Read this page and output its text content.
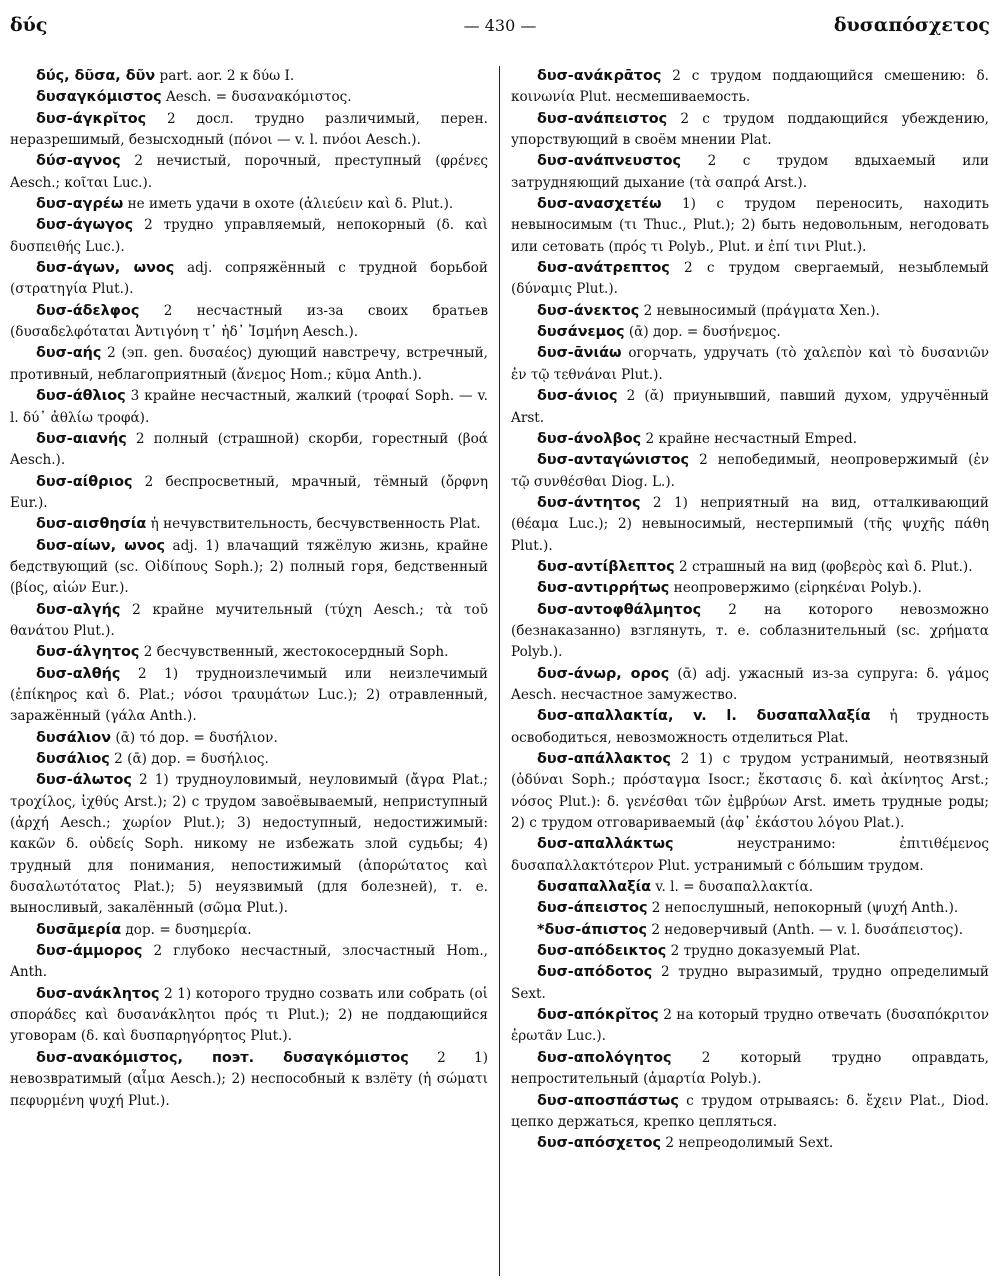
δύς	— 430 —	δυσαπόσχετος

δύς, δῦσα, δῦν part. aor. 2 к δύω I.

δυσαγκόμιστος Aesch. = δυσανακόμιστος.

δυσ-άγκρῐτος 2 досл. трудно различимый, перен. неразрешимый, безысходный (πόνοι — v. l. πνόοι Aesch.).

δύσ-αγνος 2 нечистый, порочный, преступный (φρένες Aesch.; κοῖται Luc.).

δυσ-αγρέω не иметь удачи в охоте (ἁλιεύειν καὶ δ. Plut.).

δυσ-άγωγος 2 трудно управляемый, непокорный (δ. καὶ δυσπειθής Luc.).

δυσ-άγων, ωνος adj. сопряжённый с трудной борьбой (στρατηγία Plut.).

δυσ-άδελφος 2 несчастный из-за своих братьев (δυσαδελφόταται Ἀντιγόνη τ᾽ ἠδ᾽ Ἰσμήνη Aesch.).

δυσ-αής 2 (эп. gen. δυσαέος) дующий навстречу, встречный, противный, неблагоприятный (ἄνεμος Hom.; κῦμα Anth.).

δυσ-άθλιος 3 крайне несчастный, жалкий (τροφαί Soph. — v. l. δύ᾽ ἀθλίω τροφά).

δυσ-αιανής 2 полный (страшной) скорби, горестный (βοά Aesch.).

δυσ-αίθριος 2 беспросветный, мрачный, тёмный (ὄρφνη Eur.).

δυσ-αισθησία ἡ нечувствительность, бесчувственность Plat.

δυσ-αίων, ωνος adj. 1) влачащий тяжёлую жизнь, крайне бедствующий (sc. Οἰδίπους Soph.); 2) полный горя, бедственный (βίος, αἰών Eur.).

δυσ-αλγής 2 крайне мучительный (τύχη Aesch.; τὰ τοῦ θανάτου Plut.).

δυσ-άλγητος 2 бесчувственный, жестокосердный Soph.

δυσ-αλθής 2 1) трудноизлечимый или неизлечимый (ἐπίκηρος καὶ δ. Plat.; νόσοι τραυμάτων Luc.); 2) отравленный, заражённый (γάλα Anth.).

δυσάλιον (ᾱ) τό дор. = δυσήλιον.

δυσάλιος 2 (ᾱ) дор. = δυσήλιος.

δυσ-άλωτος 2 1) трудноуловимый, неуловимый (ἄγρα Plat.; τροχίλος, ἰχθύς Arst.); 2) с трудом завоёвываемый, неприступный (ἀρχή Aesch.; χωρίον Plut.); 3) недоступный, недостижимый: κακῶν δ. οὐδείς Soph. никому не избежать злой судьбы; 4) трудный для понимания, непостижимый (ἀπορώτατος καὶ δυσαλωτότατος Plat.); 5) неуязвимый (для болезней), т. е. выносливый, закалённый (σῶμα Plut.).

δυσᾱμερία дор. = δυσημερία.

δυσ-άμμορος 2 глубоко несчастный, злосчастный Hom., Anth.

δυσ-ανάκλητος 2 1) которого трудно созвать или собрать (οἱ σποράδες καὶ δυσανάκλητοι πρός τι Plut.); 2) не поддающийся уговорам (δ. καὶ δυσπαρηγόρητος Plut.).

δυσ-ανακόμιστος, поэт. δυσαγκόμιστος 2 1) невозвратимый (αἷμα Aesch.); 2) неспособный к взлёту (ἡ σώματι πεφυρμένη ψυχή Plut.).

δυσ-ανάκρᾱτος 2 с трудом поддающийся смешению: δ. κοινωνία Plut. несмешиваемость.

δυσ-ανάπειστος 2 с трудом поддающийся убеждению, упорствующий в своём мнении Plat.

δυσ-ανάπνευστος 2 с трудом вдыхаемый или затрудняющий дыхание (τὰ σαπρά Arst.).

δυσ-ανασχετέω 1) с трудом переносить, находить невыносимым (τι Thuc., Plut.); 2) быть недовольным, негодовать или сетовать (πρός τι Polyb., Plut. и ἐπί τινι Plut.).

δυσ-ανάτρεπτος 2 с трудом свергаемый, незыблемый (δύναμις Plut.).

δυσ-άνεκτος 2 невыносимый (πράγματα Xen.).

δυσάνεμος (ᾱ) дор. = δυσήνεμος.

δυσ-ᾱνιάω огорчать, удручать (τὸ χαλεπὸν καὶ τὸ δυσανιῶν ἐν τῷ τεθνάναι Plut.).

δυσ-άνιος 2 (ᾰ) приунывший, павший духом, удручённый Arst.

δυσ-άνολβος 2 крайне несчастный Emped.

δυσ-ανταγώνιστος 2 непобедимый, неопровержимый (ἐν τῷ συνθέσθαι Diog. L.).

δυσ-άντητος 2 1) неприятный на вид, отталкивающий (θέαμα Luc.); 2) невыносимый, нестерпимый (τῆς ψυχῆς πάθη Plut.).

δυσ-αντίβλεπτος 2 страшный на вид (φοβερὸς καὶ δ. Plut.).

δυσ-αντιρρήτως неопровержимо (εἰρηκέναι Polyb.).

δυσ-αντοφθάλμητος 2 на которого невозможно (безнаказанно) взглянуть, т. е. соблазнительный (sc. χρήματα Polyb.).

δυσ-άνωρ, ορος (ᾱ) adj. ужасный из-за супруга: δ. γάμος Aesch. несчастное замужество.

δυσ-απαλλακτία, v. l. δυσαπαλλαξία ἡ трудность освободиться, невозможность отделиться Plat.

δυσ-απάλλακτος 2 1) с трудом устранимый, неотвязный (ὀδύναι Soph.; πρόσταγμα Isocr.; ἔκστασις δ. καὶ ἀκίνητος Arst.; νόσος Plut.): δ. γενέσθαι τῶν ἐμβρύων Arst. иметь трудные роды; 2) с трудом отговариваемый (ἀφ᾽ ἑκάστου λόγου Plat.).

δυσ-απαλλάκτως неустранимо: ἐπιτιθέμενος δυσαπαλλακτότερον Plut. устранимый с бо́льшим трудом.

δυσαπαλλαξία v. l. = δυσαπαλλακτία.

δυσ-άπειστος 2 непослушный, непокорный (ψυχή Anth.).

*δυσ-άπιστος 2 недоверчивый (Anth. — v. l. δυσάπειστος).

δυσ-απόδεικτος 2 трудно доказуемый Plat.

δυσ-απόδοτος 2 трудно выразимый, трудно определимый Sext.

δυσ-απόκρῐτος 2 на который трудно отвечать (δυσαπόκριτον ἐρωτᾶν Luc.).

δυσ-απολόγητος 2 который трудно оправдать, непростительный (ἁμαρτία Polyb.).

δυσ-αποσπάστως с трудом отрываясь: δ. ἔχειν Plat., Diod. цепко держаться, крепко цепляться.

δυσ-απόσχετος 2 непреодолимый Sext.
